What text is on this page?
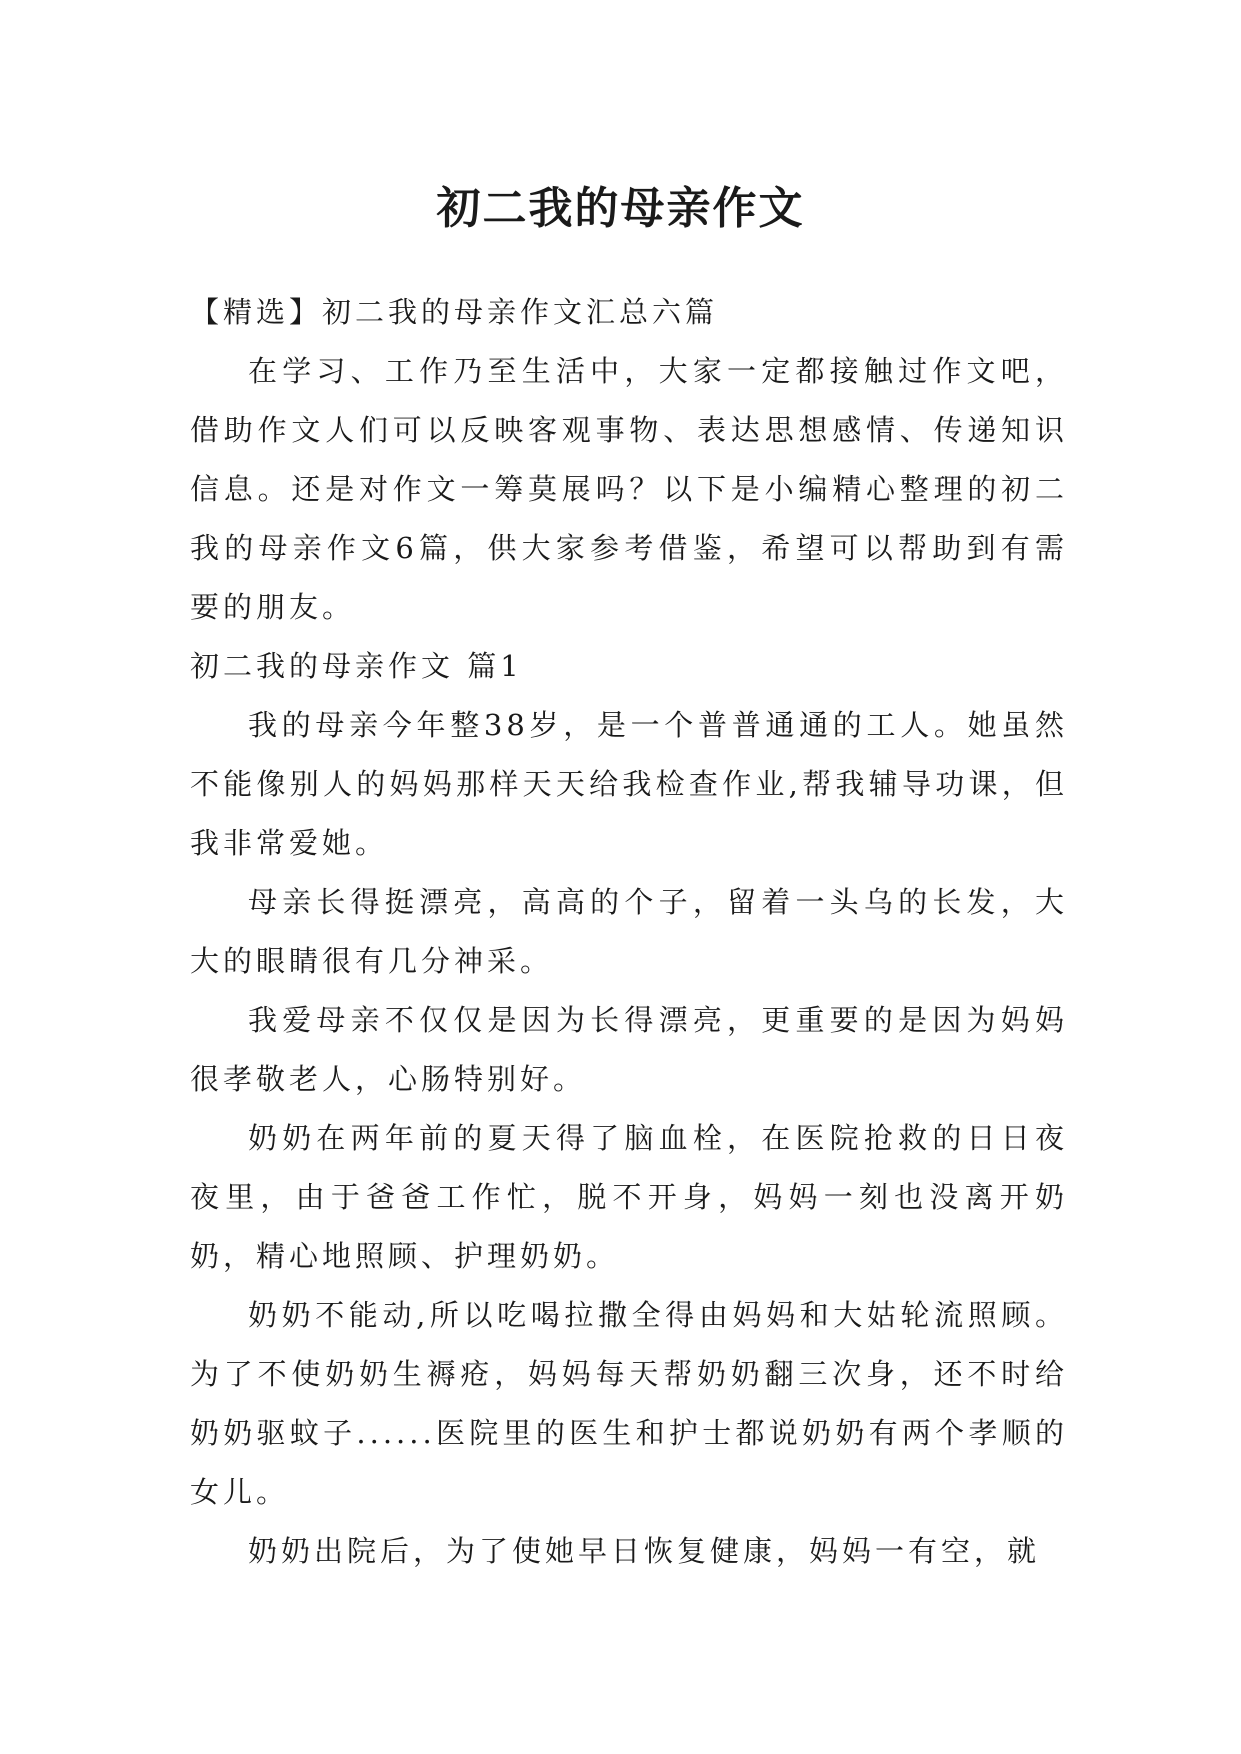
初二我的母亲作文

【精选】初二我的母亲作文汇总六篇

在学习、工作乃至生活中，大家一定都接触过作文吧，借助作文人们可以反映客观事物、表达思想感情、传递知识信息。还是对作文一筹莫展吗？以下是小编精心整理的初二我的母亲作文6篇，供大家参考借鉴，希望可以帮助到有需要的朋友。

初二我的母亲作文 篇1

我的母亲今年整38岁，是一个普普通通的工人。她虽然不能像别人的妈妈那样天天给我检查作业,帮我辅导功课，但我非常爱她。

母亲长得挺漂亮，高高的个子，留着一头乌的长发，大大的眼睛很有几分神采。

我爱母亲不仅仅是因为长得漂亮，更重要的是因为妈妈很孝敬老人，心肠特别好。

奶奶在两年前的夏天得了脑血栓，在医院抢救的日日夜夜里，由于爸爸工作忙，脱不开身，妈妈一刻也没离开奶奶，精心地照顾、护理奶奶。

奶奶不能动,所以吃喝拉撒全得由妈妈和大姑轮流照顾。为了不使奶奶生褥疮，妈妈每天帮奶奶翻三次身，还不时给奶奶驱蚊子......医院里的医生和护士都说奶奶有两个孝顺的女儿。

奶奶出院后，为了使她早日恢复健康，妈妈一有空，就
